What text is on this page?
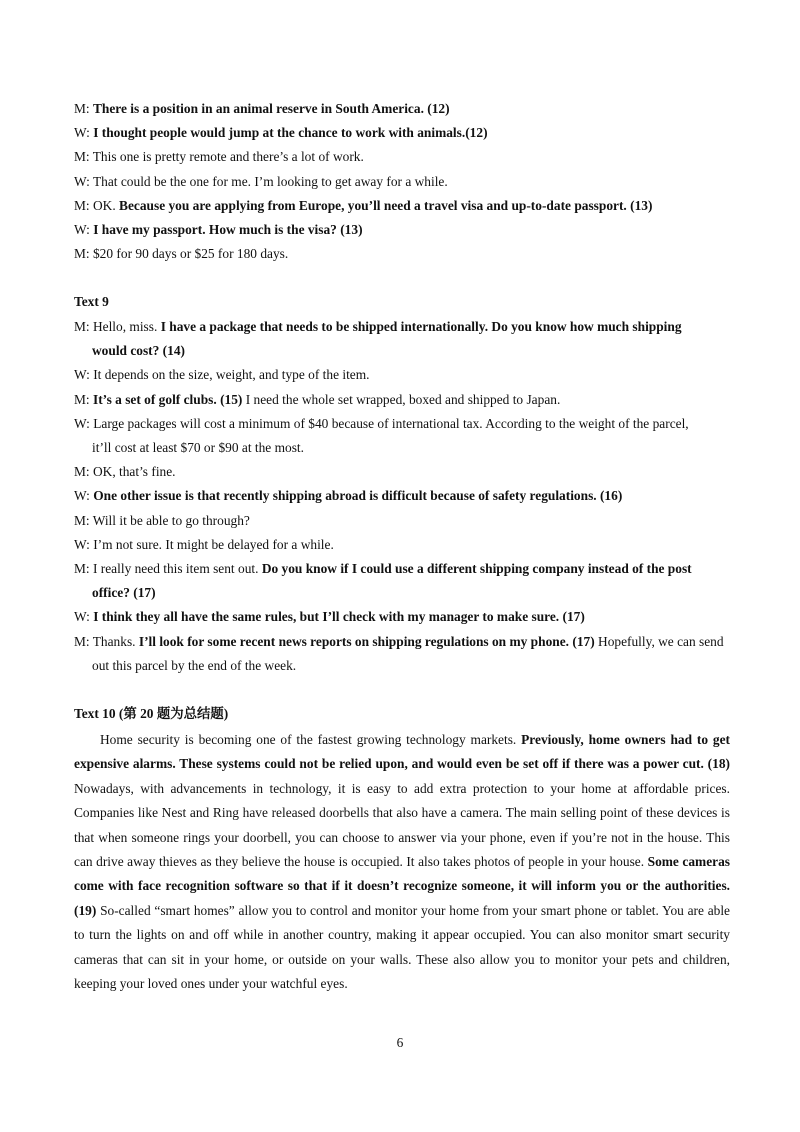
M: There is a position in an animal reserve in South America. (12)
W: I thought people would jump at the chance to work with animals.(12)
M: This one is pretty remote and there’s a lot of work.
W: That could be the one for me. I’m looking to get away for a while.
M: OK. Because you are applying from Europe, you’ll need a travel visa and up-to-date passport. (13)
W: I have my passport. How much is the visa? (13)
M: $20 for 90 days or $25 for 180 days.
Text 9
M: Hello, miss. I have a package that needs to be shipped internationally. Do you know how much shipping
would cost? (14)
W: It depends on the size, weight, and type of the item.
M: It’s a set of golf clubs. (15) I need the whole set wrapped, boxed and shipped to Japan.
W: Large packages will cost a minimum of $40 because of international tax. According to the weight of the parcel,
it’ll cost at least $70 or $90 at the most.
M: OK, that’s fine.
W: One other issue is that recently shipping abroad is difficult because of safety regulations. (16)
M: Will it be able to go through?
W: I’m not sure. It might be delayed for a while.
M: I really need this item sent out. Do you know if I could use a different shipping company instead of the post
office? (17)
W: I think they all have the same rules, but I’ll check with my manager to make sure. (17)
M: Thanks. I’ll look for some recent news reports on shipping regulations on my phone. (17) Hopefully, we can send
out this parcel by the end of the week.
Text 10 (第 20 题为总结题)
Home security is becoming one of the fastest growing technology markets. Previously, home owners had to get expensive alarms. These systems could not be relied upon, and would even be set off if there was a power cut. (18) Nowadays, with advancements in technology, it is easy to add extra protection to your home at affordable prices. Companies like Nest and Ring have released doorbells that also have a camera. The main selling point of these devices is that when someone rings your doorbell, you can choose to answer via your phone, even if you’re not in the house. This can drive away thieves as they believe the house is occupied. It also takes photos of people in your house. Some cameras come with face recognition software so that if it doesn’t recognize someone, it will inform you or the authorities. (19) So-called “smart homes” allow you to control and monitor your home from your smart phone or tablet. You are able to turn the lights on and off while in another country, making it appear occupied. You can also monitor smart security cameras that can sit in your home, or outside on your walls. These also allow you to monitor your pets and children, keeping your loved ones under your watchful eyes.
6
